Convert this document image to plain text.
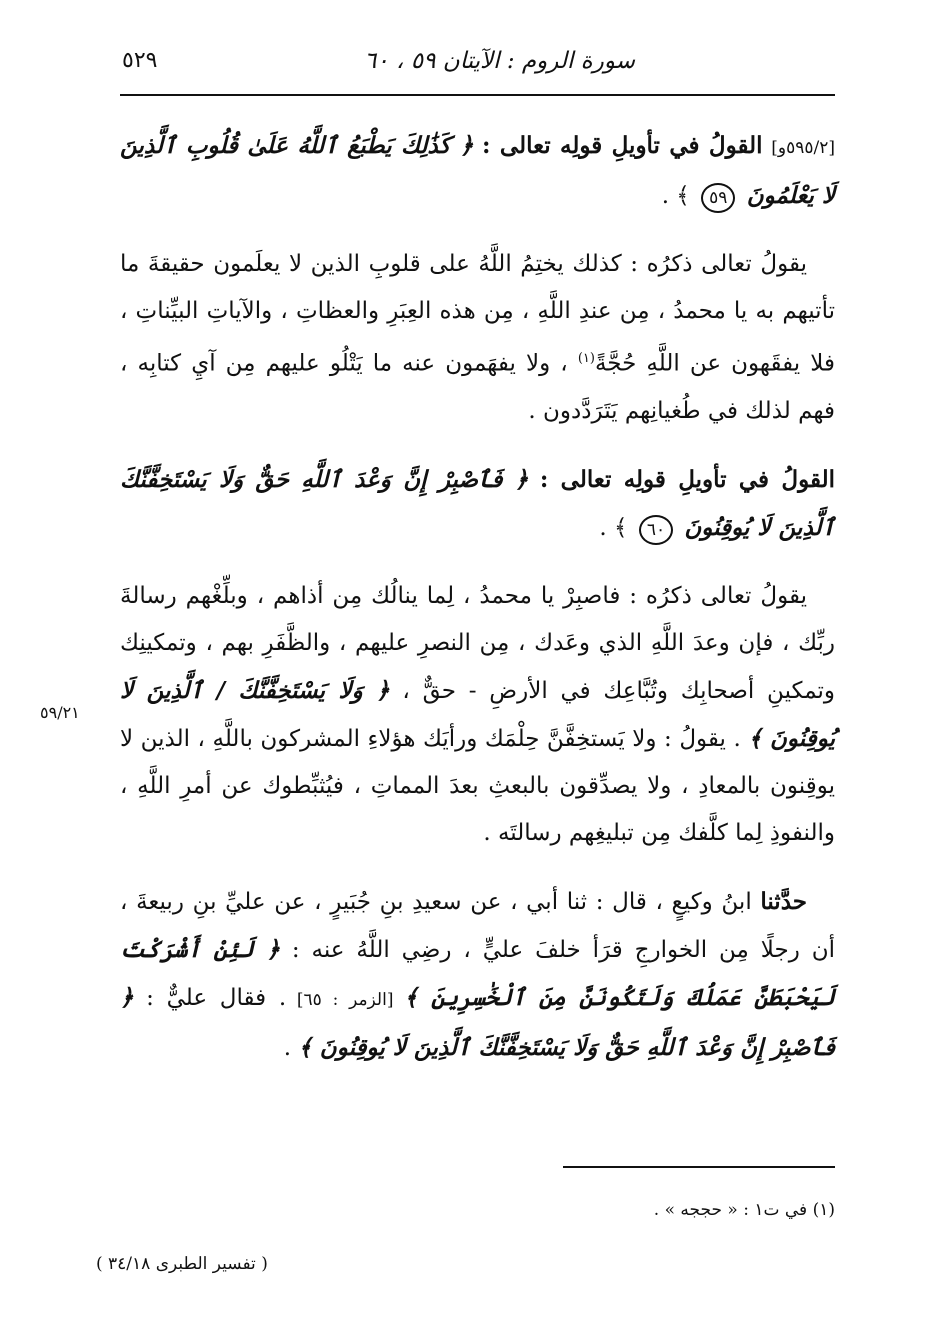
سورة الروم : الآيتان ٥٩ ، ٦٠
٥٢٩
٥٩/٢١

[٥٩٥/٢و] القولُ في تأويلِ قولِه تعالى : ﴿ كَذَٰلِكَ يَطْبَعُ ٱللَّهُ عَلَىٰ قُلُوبِ ٱلَّذِينَ لَا يَعْلَمُونَ ٥٩ ﴾ .

يقولُ تعالى ذكرُه : كذلك يختِمُ اللَّهُ على قلوبِ الذين لا يعلَمون حقيقةَ ما تأتيهم به يا محمدُ ، مِن عندِ اللَّهِ ، مِن هذه العِبَرِ والعظاتِ ، والآياتِ البيِّناتِ ، فلا يفقَهون عن اللَّهِ حُجَّةً$^{(١)}$ ، ولا يفهَمون عنه ما يَتْلُو عليهم مِن آيِ كتابِه ، فهم لذلك في طُغيانِهم يَتَرَدَّدون .

القولُ في تأويلِ قولِه تعالى : ﴿ فَٱصْبِرْ إِنَّ وَعْدَ ٱللَّهِ حَقٌّ وَلَا يَسْتَخِفَّنَّكَ ٱلَّذِينَ لَا يُوقِنُونَ ٦٠ ﴾ .

يقولُ تعالى ذكرُه : فاصبِرْ يا محمدُ ، لِما ينالُك مِن أذاهم ، وبلِّغْهم رسالةَ ربِّك ، فإن وعدَ اللَّهِ الذي وعَدك ، مِن النصرِ عليهم ، والظَّفَرِ بهم ، وتمكينِك وتمكينِ أصحابِك وتُبَّاعِك في الأرضِ - حقٌّ ، ﴿ وَلَا يَسْتَخِفَّنَّكَ / ٱلَّذِينَ لَا يُوقِنُونَ ﴾ . يقولُ : ولا يَستخِفَّنَّ حِلْمَك ورأيَك هؤلاءِ المشركون باللَّهِ ، الذين لا يوقِنون بالمعادِ ، ولا يصدِّقون بالبعثِ بعدَ المماتِ ، فيُثبِّطوك عن أمرِ اللَّهِ ، والنفوذِ لِما كلَّفك مِن تبليغِهم رسالتَه .

حدَّثنا ابنُ وكيعٍ ، قال : ثنا أبي ، عن سعيدِ بنِ جُبَيرٍ ، عن عليِّ بنِ ربيعةَ ، أن رجلًا مِن الخوارجِ قرَأ خلفَ عليٍّ ، رضِي اللَّهُ عنه : ﴿ لَئِنْ أَشْرَكْتَ لَيَحْبَطَنَّ عَمَلُكَ وَلَتَكُونَنَّ مِنَ ٱلْخَٰسِرِينَ ﴾ [الزمر : ٦٥] . فقال عليٌّ : ﴿ فَٱصْبِرْ إِنَّ وَعْدَ ٱللَّهِ حَقٌّ وَلَا يَسْتَخِفَّنَّكَ ٱلَّذِينَ لَا يُوقِنُونَ ﴾ .

(١) في ت١ : « حججه » .
( تفسير الطبرى ٣٤/١٨ )
